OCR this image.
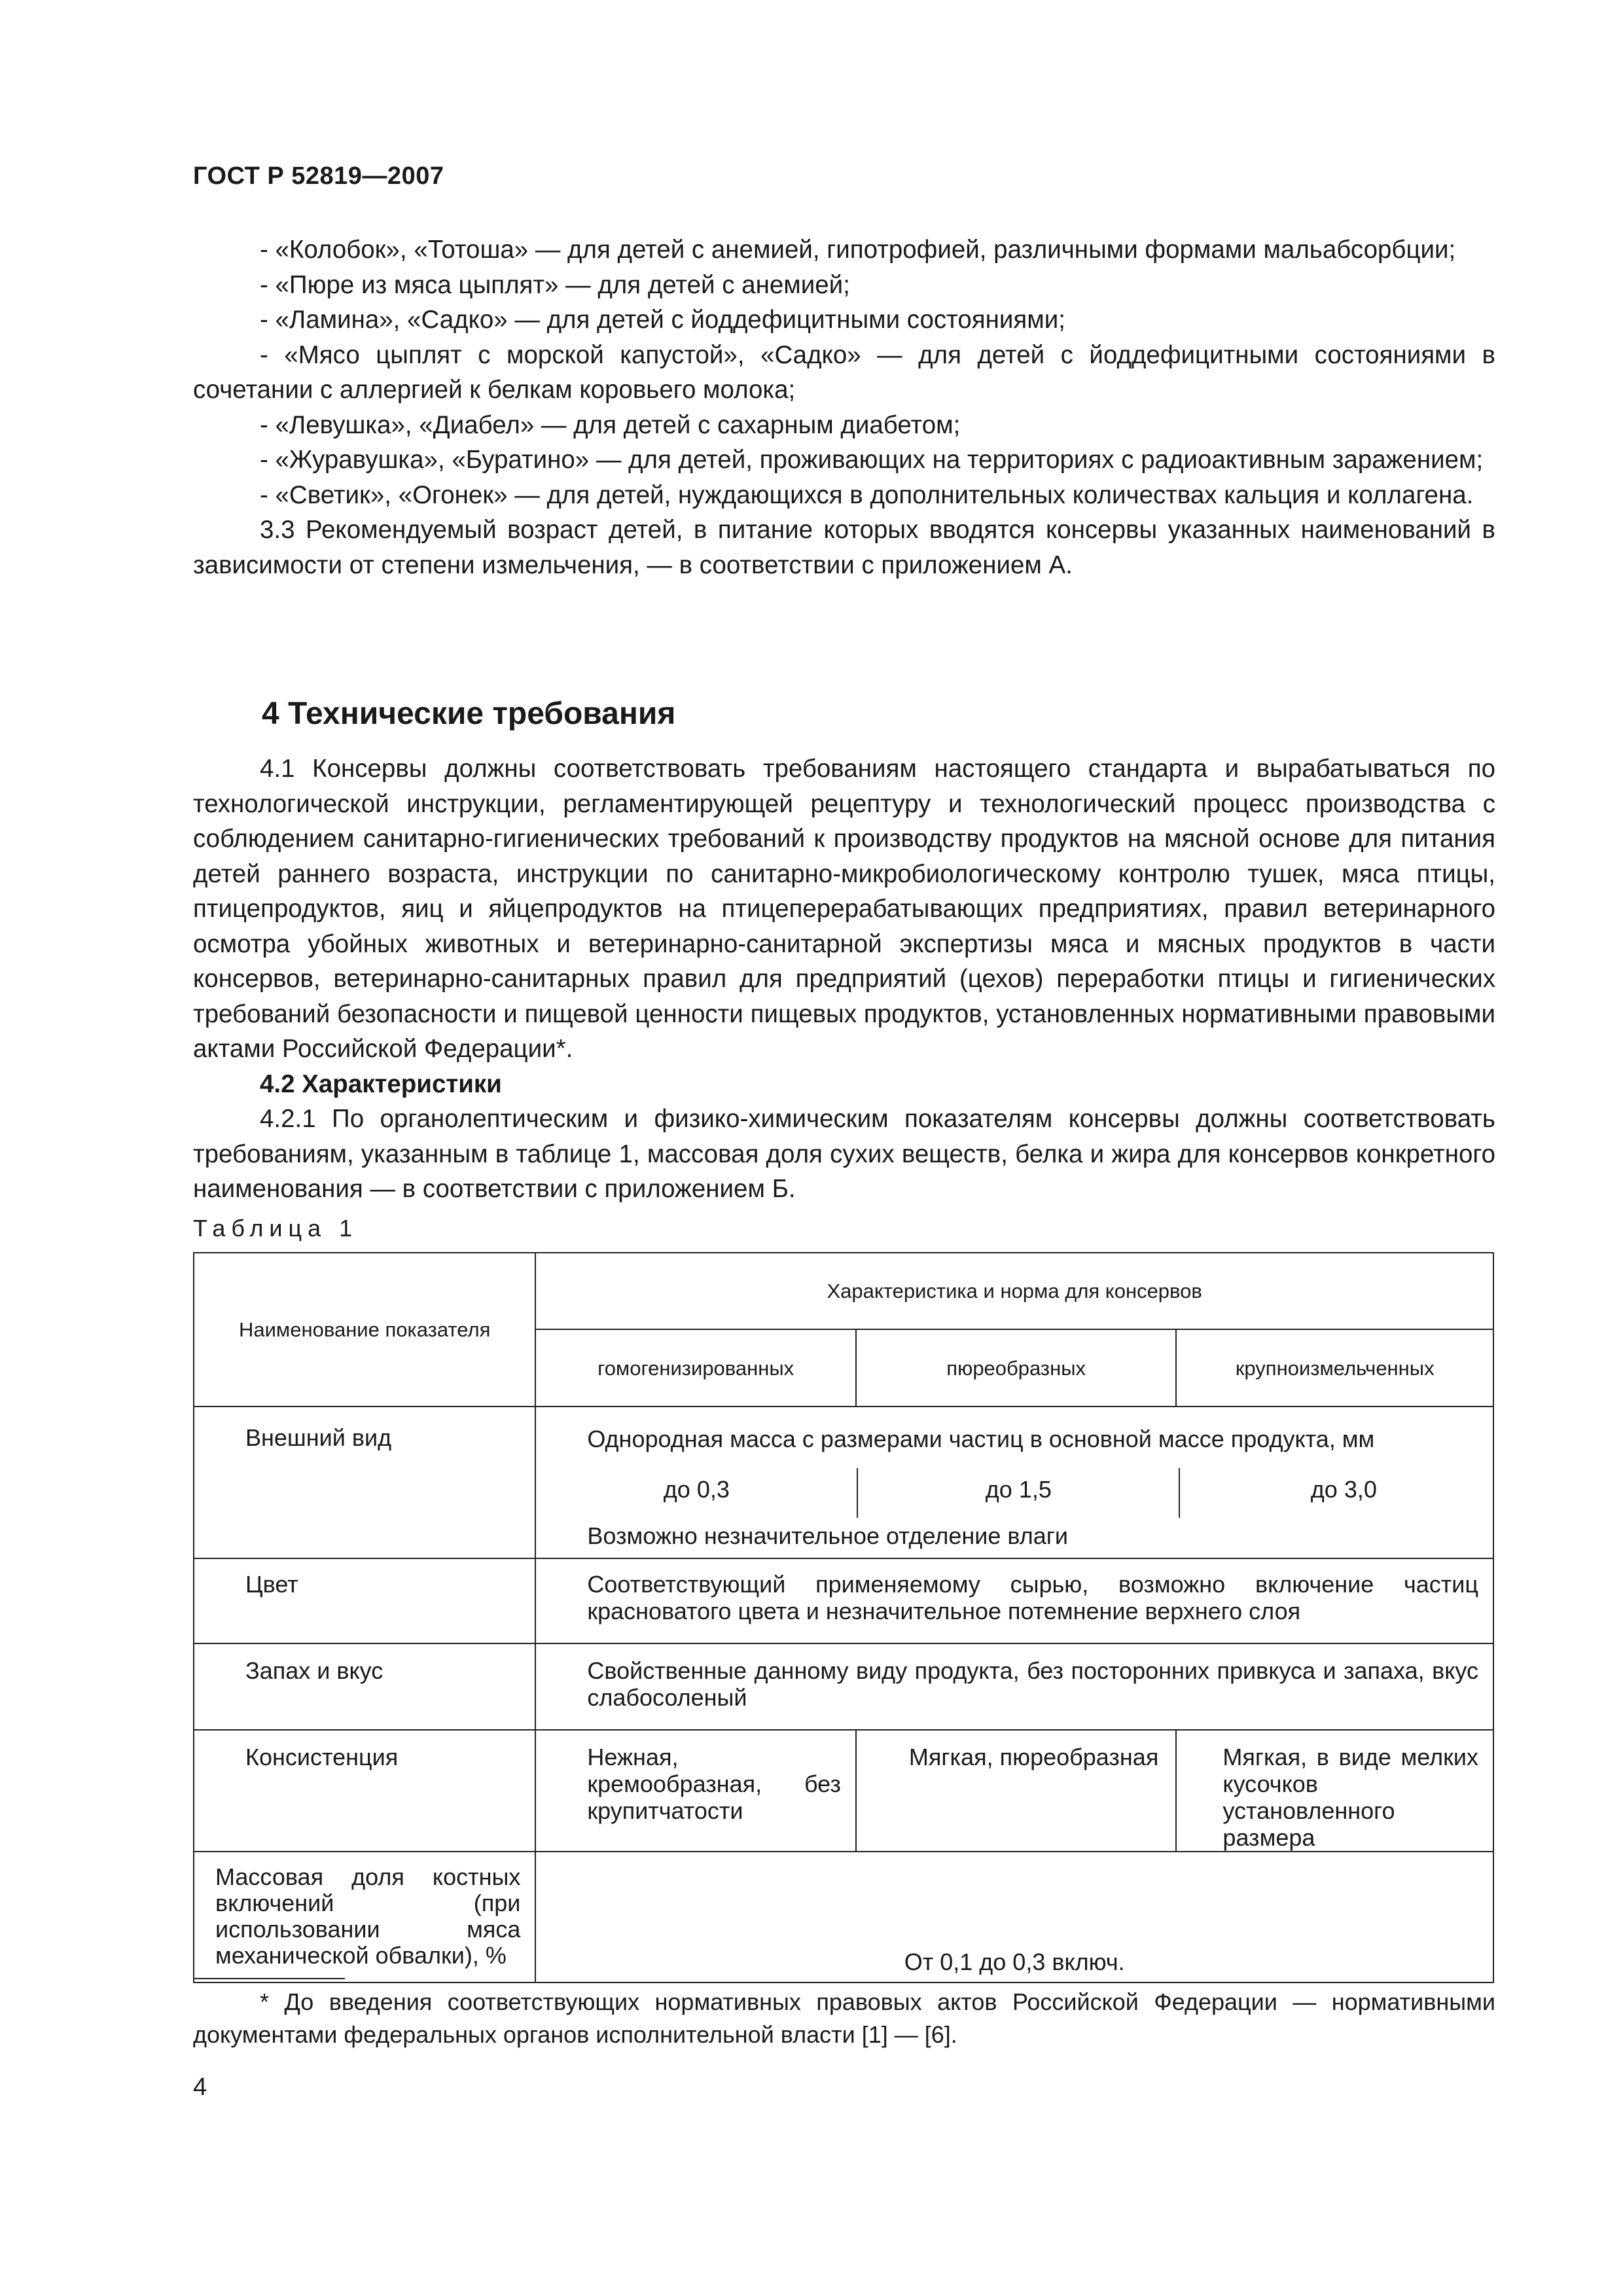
ГОСТ Р 52819—2007

- «Колобок», «Тотоша» — для детей с анемией, гипотрофией, различными формами мальабсорбции;

- «Пюре из мяса цыплят» — для детей с анемией;

- «Ламина», «Садко» — для детей с йоддефицитными состояниями;

- «Мясо цыплят с морской капустой», «Садко» — для детей с йоддефицитными состояниями в сочетании с аллергией к белкам коровьего молока;

- «Левушка», «Диабел» — для детей с сахарным диабетом;

- «Журавушка», «Буратино» — для детей, проживающих на территориях с радиоактивным заражением;

- «Светик», «Огонек» — для детей, нуждающихся в дополнительных количествах кальция и коллагена.

3.3 Рекомендуемый возраст детей, в питание которых вводятся консервы указанных наименований в зависимости от степени измельчения, — в соответствии с приложением А.

4 Технические требования

4.1 Консервы должны соответствовать требованиям настоящего стандарта и вырабатываться по технологической инструкции, регламентирующей рецептуру и технологический процесс производства с соблюдением санитарно-гигиенических требований к производству продуктов на мясной основе для питания детей раннего возраста, инструкции по санитарно-микробиологическому контролю тушек, мяса птицы, птицепродуктов, яиц и яйцепродуктов на птицеперерабатывающих предприятиях, правил ветеринарного осмотра убойных животных и ветеринарно-санитарной экспертизы мяса и мясных продуктов в части консервов, ветеринарно-санитарных правил для предприятий (цехов) переработки птицы и гигиенических требований безопасности и пищевой ценности пищевых продуктов, установленных нормативными правовыми актами Российской Федерации*.

4.2 Характеристики

4.2.1 По органолептическим и физико-химическим показателям консервы должны соответствовать требованиям, указанным в таблице 1, массовая доля сухих веществ, белка и жира для консервов конкретного наименования — в соответствии с приложением Б.

Таблица 1
Наименование показателя	Характеристика и норма для консервов		
	гомогенизированных	пюреобразных	крупноизмельченных
Внешний вид	Однородная масса с размерами частиц в основной массе продукта, мм
до 0,3 до 1,5 до 3,0
Возможно незначительное отделение влаги		

Цвет	Соответствующий применяемому сырью, возможно включение частиц красноватого цвета и незначительное потемнение верхнего слоя		
Запах и вкус	Свойственные данному виду продукта, без посторонних привкуса и запаха, вкус слабосоленый		
Консистенция	Нежная, кремообразная, без крупитчатости	Мягкая, пюреобразная	Мягкая, в виде мелких кусочков установленного размера
Массовая доля костных включений (при использовании мяса механической обвалки), %	От 0,1 до 0,3 включ.		
* До введения соответствующих нормативных правовых актов Российской Федерации — нормативными документами федеральных органов исполнительной власти [1] — [6].
4
